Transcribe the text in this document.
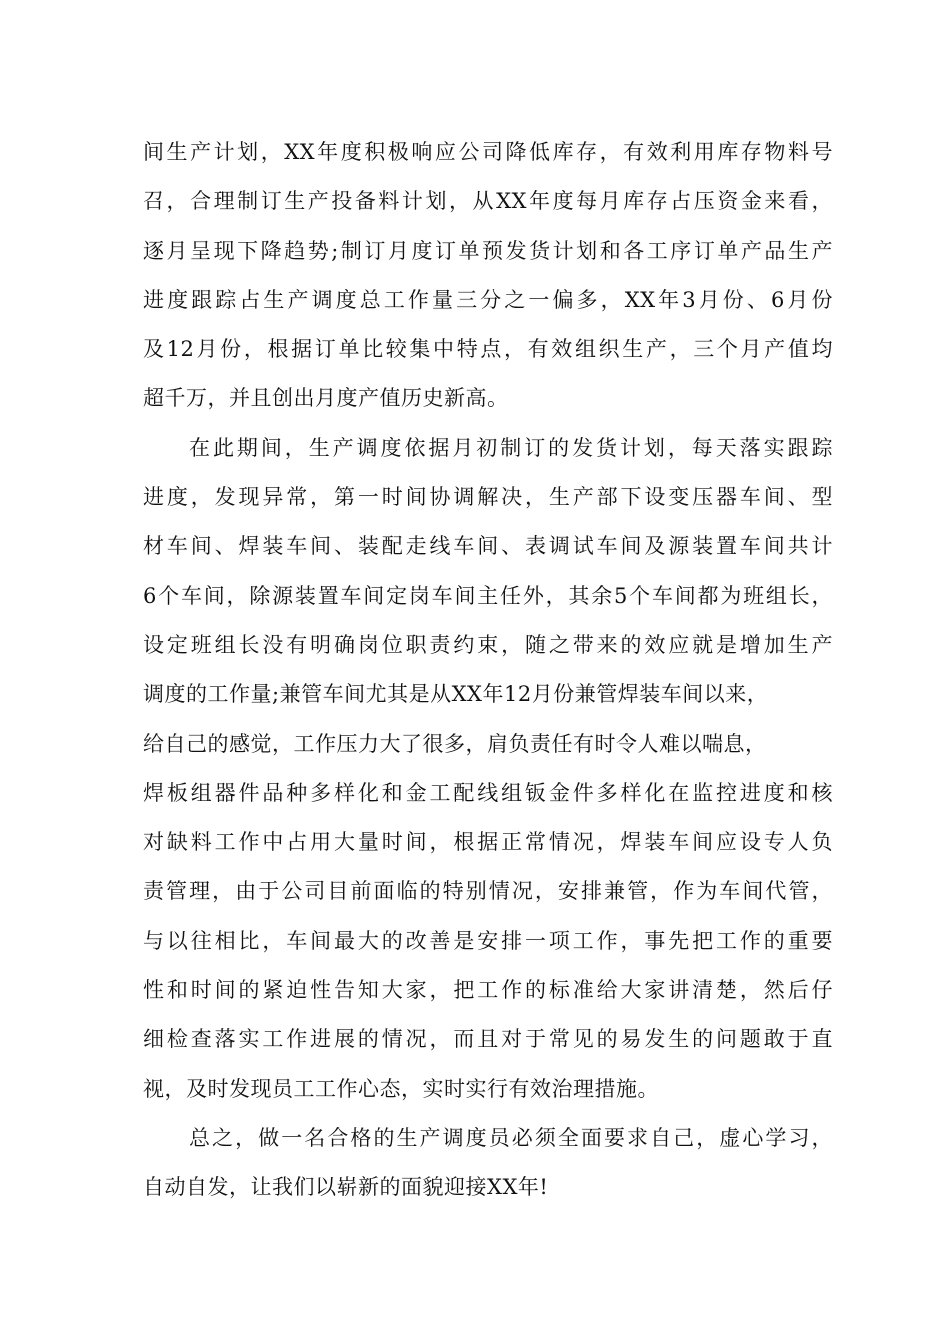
间生产计划，XX年度积极响应公司降低库存，有效利用库存物料号
召，合理制订生产投备料计划，从XX年度每月库存占压资金来看，
逐月呈现下降趋势;制订月度订单预发货计划和各工序订单产品生产
进度跟踪占生产调度总工作量三分之一偏多，XX年3月份、6月份
及12月份，根据订单比较集中特点，有效组织生产，三个月产值均
超千万，并且创出月度产值历史新高。
在此期间，生产调度依据月初制订的发货计划，每天落实跟踪
进度，发现异常，第一时间协调解决，生产部下设变压器车间、型
材车间、焊装车间、装配走线车间、表调试车间及源装置车间共计
6个车间，除源装置车间定岗车间主任外，其余5个车间都为班组长，
设定班组长没有明确岗位职责约束，随之带来的效应就是增加生产
调度的工作量;兼管车间尤其是从XX年12月份兼管焊装车间以来，
给自己的感觉，工作压力大了很多，肩负责任有时令人难以喘息，
焊板组器件品种多样化和金工配线组钣金件多样化在监控进度和核
对缺料工作中占用大量时间，根据正常情况，焊装车间应设专人负
责管理，由于公司目前面临的特别情况，安排兼管，作为车间代管，
与以往相比，车间最大的改善是安排一项工作，事先把工作的重要
性和时间的紧迫性告知大家，把工作的标准给大家讲清楚，然后仔
细检查落实工作进展的情况，而且对于常见的易发生的问题敢于直
视，及时发现员工工作心态，实时实行有效治理措施。
总之，做一名合格的生产调度员必须全面要求自己，虚心学习，
自动自发，让我们以崭新的面貌迎接XX年!
